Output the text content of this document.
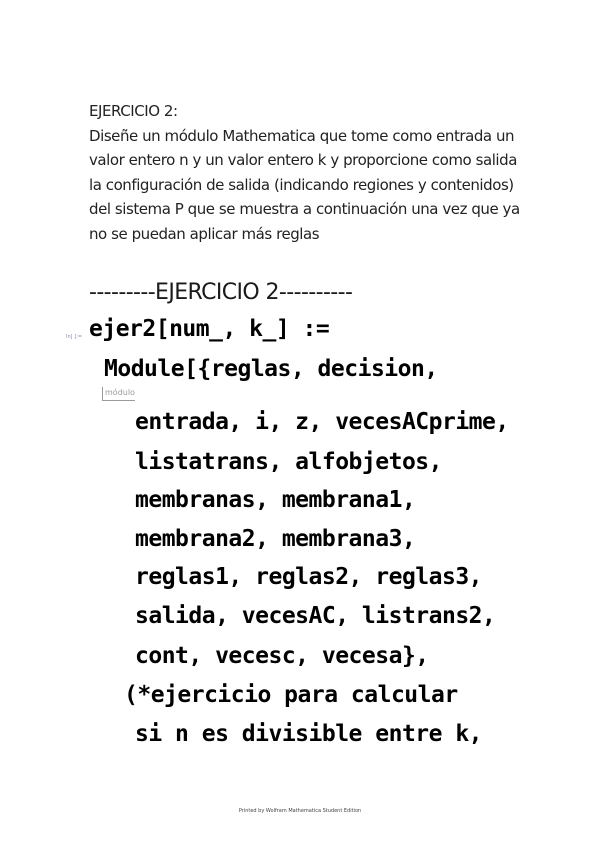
EJERCICIO 2:
Diseñe un módulo Mathematica que tome como entrada un
valor entero n y un valor entero k y proporcione como salida
la configuración de salida (indicando regiones y contenidos)
del sistema P que se muestra a continuación una vez que ya
no se puedan aplicar más reglas
---------EJERCICIO 2----------
In[ ]:= ejer2[num_, k_] :=
Module[{reglas, decision,
módulo
entrada, i, z, vecesACprime,
listatrans, alfobjetos,
membranas, membrana1,
membrana2, membrana3,
reglas1, reglas2, reglas3,
salida, vecesAC, listrans2,
cont, vecesc, vecesa},
(*ejercicio para calcular
si n es divisible entre k,
Printed by Wolfram Mathematica Student Edition
